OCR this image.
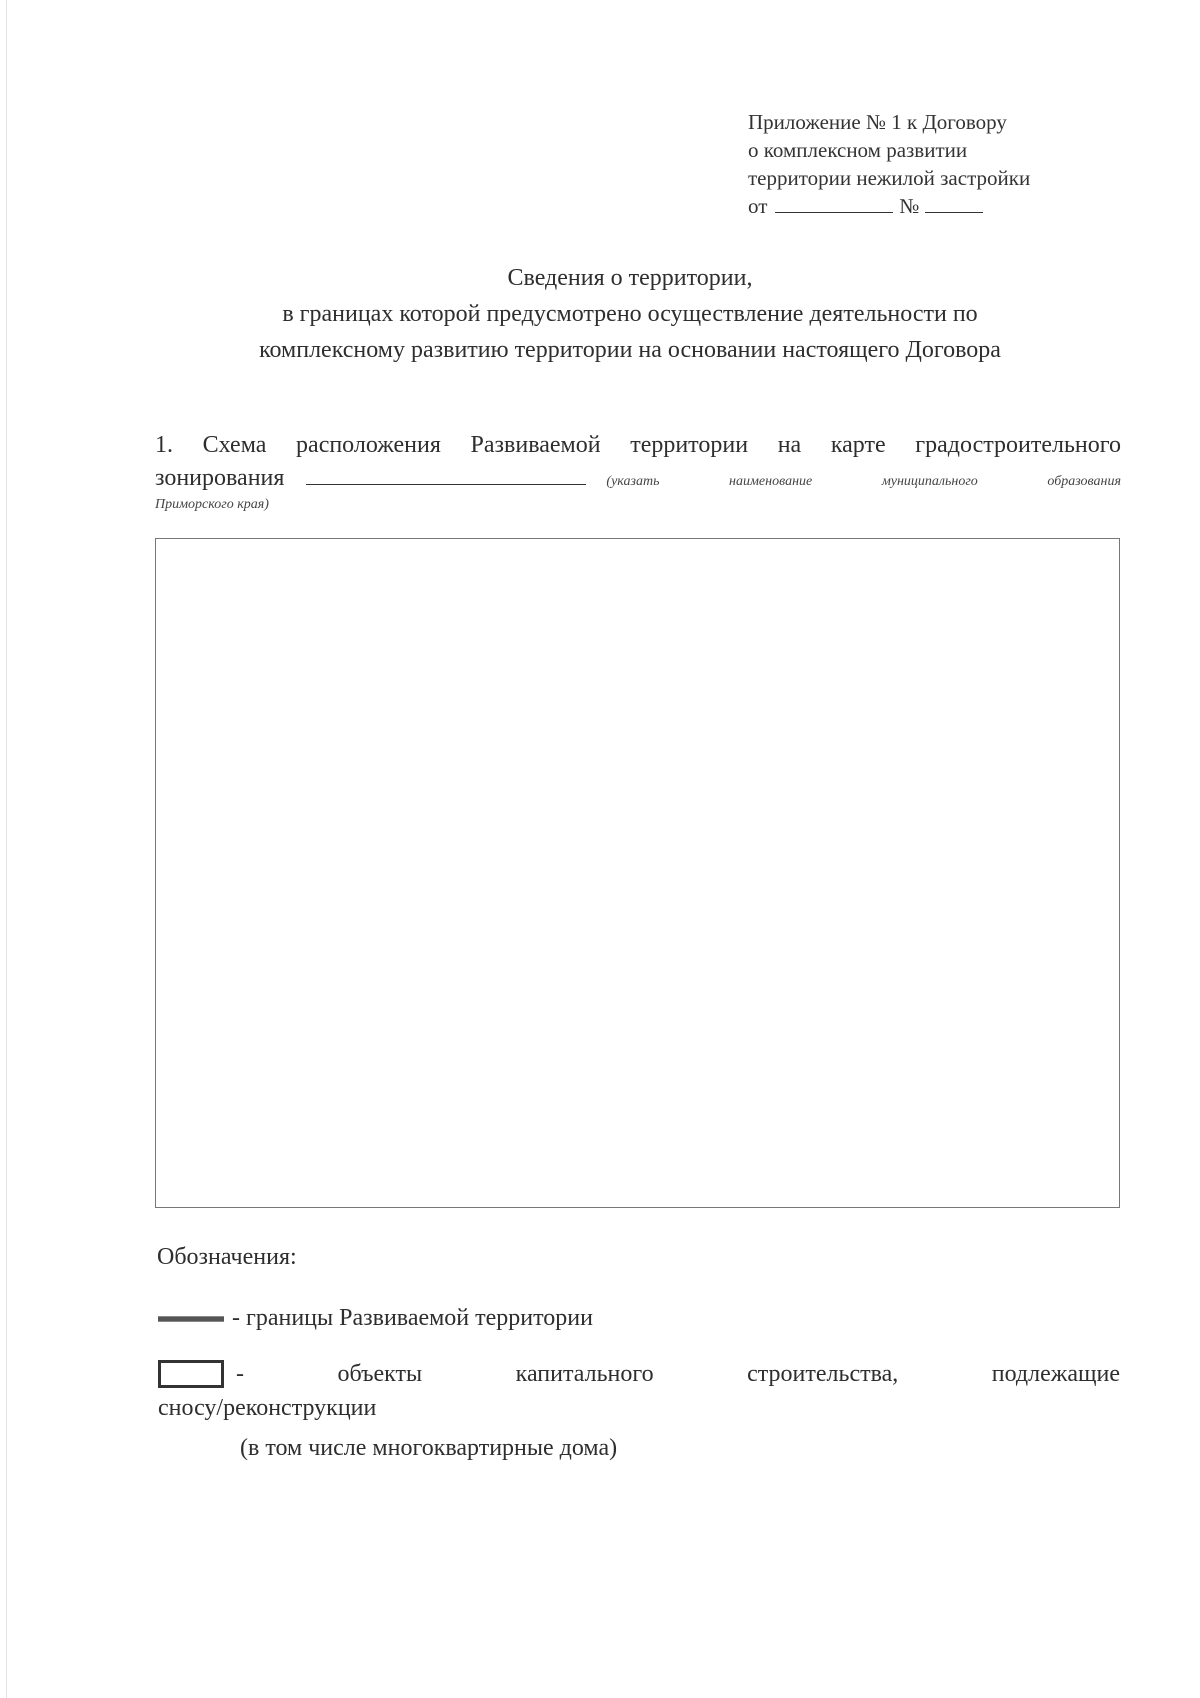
Приложение № 1 к Договору
о комплексном развитии
территории нежилой застройки
от	№
Сведения о территории,
в границах которой предусмотрено осуществление деятельности по
комплексному развитию территории на основании настоящего Договора
1. Схема расположения Развиваемой территории на карте градостроительного
зонирования	(указать	наименование	муниципального	образования
Приморского края)
Обозначения:
- границы Развиваемой территории
-	объекты	капитального	строительства,	подлежащие
сносу/реконструкции
(в том числе многоквартирные дома)
